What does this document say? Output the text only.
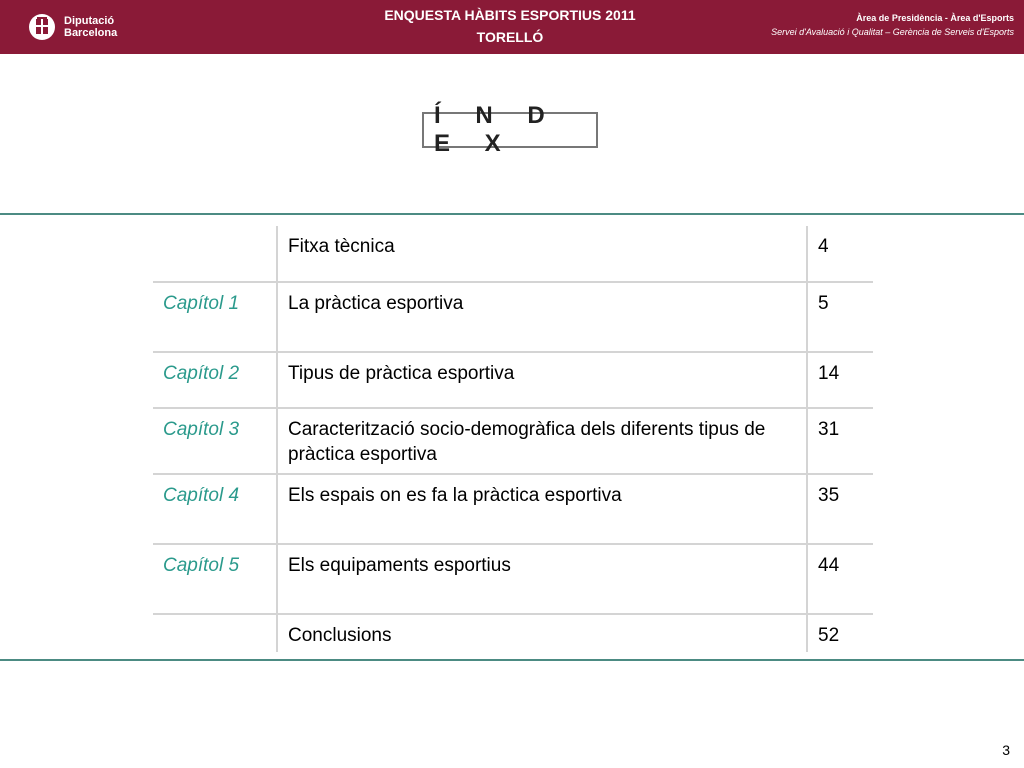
Diputació
Barcelona
ENQUESTA HÀBITS ESPORTIUS 2011
TORELLÓ
Àrea de Presidència - Àrea d'Esports
Servei d'Avaluació i Qualitat – Gerència de Serveis d'Esports
Í N D E X
	Fitxa tècnica	4
Capítol 1	La pràctica esportiva	5
Capítol 2	Tipus de pràctica esportiva	14
Capítol 3	Caracterització socio-demogràfica dels diferents tipus de pràctica esportiva	31
Capítol 4	Els espais on es fa la pràctica esportiva	35
Capítol 5	Els equipaments esportius	44
	Conclusions	52
3
